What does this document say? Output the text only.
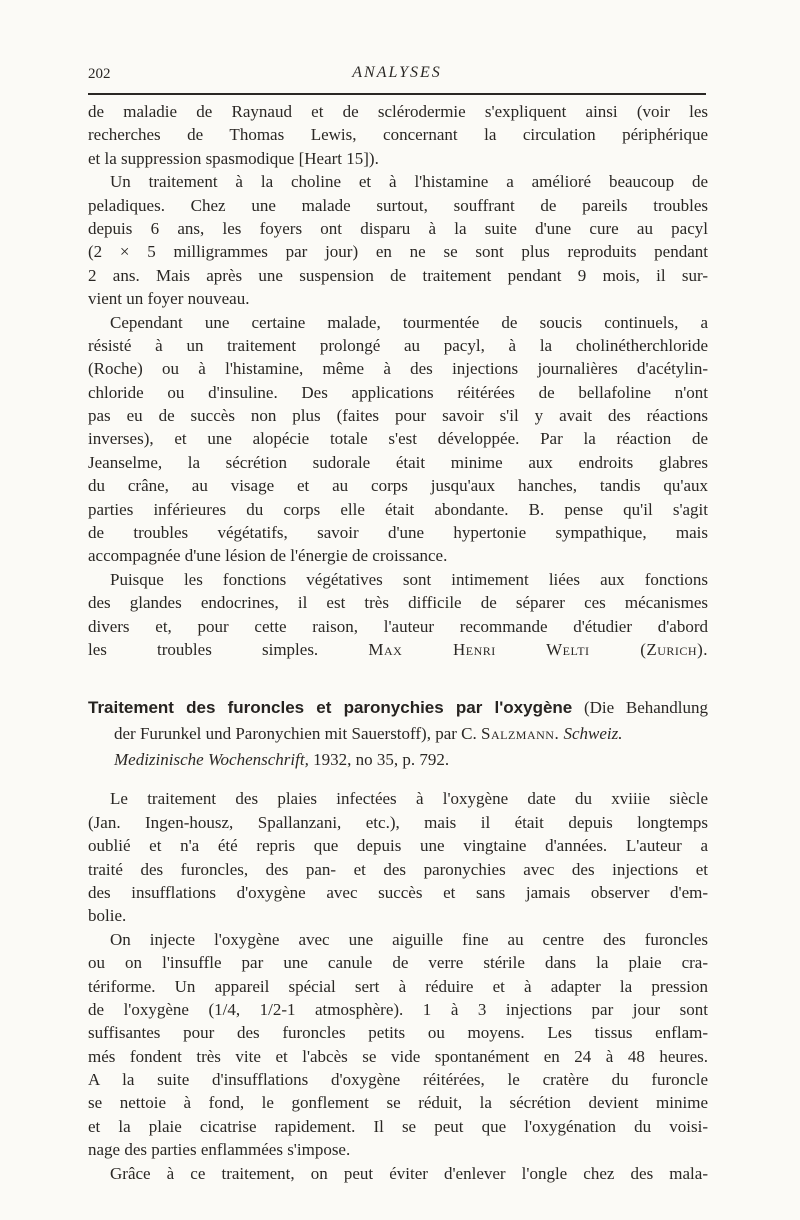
202	ANALYSES
de maladie de Raynaud et de sclérodermie s'expliquent ainsi (voir les
recherches de Thomas Lewis, concernant la circulation périphérique
et la suppression spasmodique [Heart 15]).
Un traitement à la choline et à l'histamine a amélioré beaucoup de
peladiques. Chez une malade surtout, souffrant de pareils troubles
depuis 6 ans, les foyers ont disparu à la suite d'une cure au pacyl
(2 × 5 milligrammes par jour) en ne se sont plus reproduits pendant
2 ans. Mais après une suspension de traitement pendant 9 mois, il sur-
vient un foyer nouveau.
Cependant une certaine malade, tourmentée de soucis continuels, a
résisté à un traitement prolongé au pacyl, à la cholinétherchloride
(Roche) ou à l'histamine, même à des injections journalières d'acétylin-
chloride ou d'insuline. Des applications réitérées de bellafoline n'ont
pas eu de succès non plus (faites pour savoir s'il y avait des réactions
inverses), et une alopécie totale s'est développée. Par la réaction de
Jeanselme, la sécrétion sudorale était minime aux endroits glabres
du crâne, au visage et au corps jusqu'aux hanches, tandis qu'aux
parties inférieures du corps elle était abondante. B. pense qu'il s'agit
de troubles végétatifs, savoir d'une hypertonie sympathique, mais
accompagnée d'une lésion de l'énergie de croissance.
Puisque les fonctions végétatives sont intimement liées aux fonctions
des glandes endocrines, il est très difficile de séparer ces mécanismes
divers et, pour cette raison, l'auteur recommande d'étudier d'abord
les troubles simples.	Max Henri Welti (Zurich).
Traitement des furoncles et paronychies par l'oxygène (Die Behandlung
der Furunkel und Paronychien mit Sauerstoff), par C. Salzmann. Schweiz.
Medizinische Wochenschrift, 1932, no 35, p. 792.
Le traitement des plaies infectées à l'oxygène date du xviiie siècle
(Jan. Ingen-housz, Spallanzani, etc.), mais il était depuis longtemps
oublié et n'a été repris que depuis une vingtaine d'années. L'auteur a
traité des furoncles, des pan- et des paronychies avec des injections et
des insufflations d'oxygène avec succès et sans jamais observer d'em-
bolie.
On injecte l'oxygène avec une aiguille fine au centre des furoncles
ou on l'insuffle par une canule de verre stérile dans la plaie cra-
tériforme. Un appareil spécial sert à réduire et à adapter la pression
de l'oxygène (1/4, 1/2-1 atmosphère). 1 à 3 injections par jour sont
suffisantes pour des furoncles petits ou moyens. Les tissus enflam-
més fondent très vite et l'abcès se vide spontanément en 24 à 48 heures.
A la suite d'insufflations d'oxygène réitérées, le cratère du furoncle
se nettoie à fond, le gonflement se réduit, la sécrétion devient minime
et la plaie cicatrise rapidement. Il se peut que l'oxygénation du voisi-
nage des parties enflammées s'impose.
Grâce à ce traitement, on peut éviter d'enlever l'ongle chez des mala-
